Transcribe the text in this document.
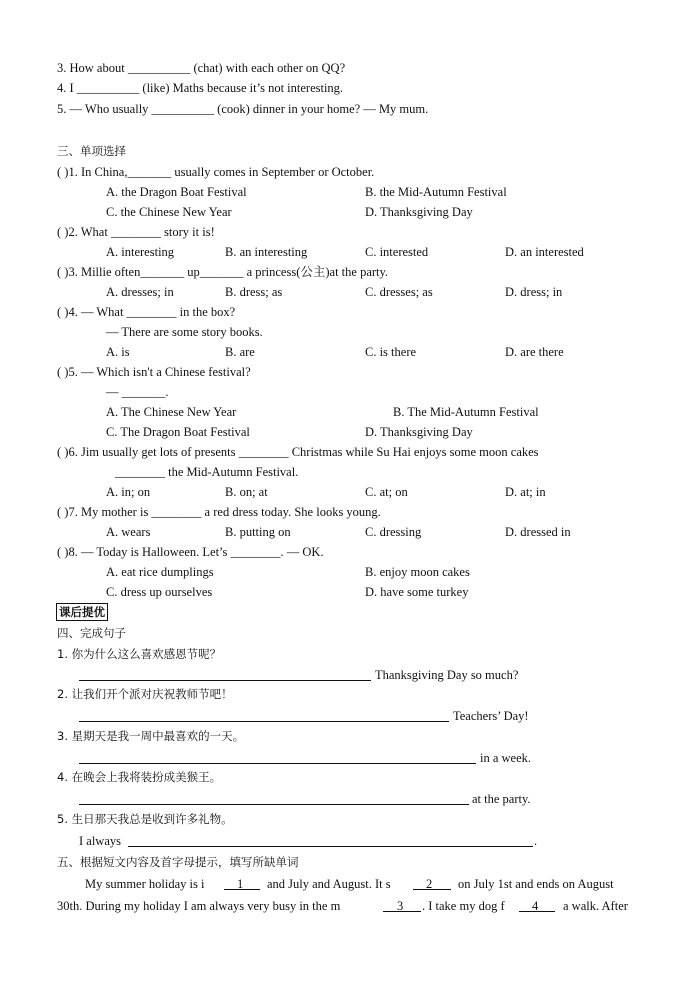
3. How about __________ (chat) with each other on QQ?
4. I __________ (like) Maths because it’s not interesting.
5. — Who usually __________ (cook) dinner in your home? — My mum.
三、单项选择
( )1. In China,_______ usually comes in September or October.
A. the Dragon Boat Festival	B. the Mid-Autumn Festival
C. the Chinese New Year	D. Thanksgiving Day
( )2. What ________ story it is!
A. interesting	B. an interesting	C. interested	D. an interested
( )3. Millie often_______ up_______ a princess(公主)at the party.
A. dresses; in	B. dress; as	C. dresses; as	D. dress; in
( )4. — What ________ in the box?
— There are some story books.
A. is	B. are	C. is there	D. are there
( )5. — Which isn't a Chinese festival?
— _______.
A. The Chinese New Year	B. The Mid-Autumn Festival
C. The Dragon Boat Festival	D. Thanksgiving Day
( )6. Jim usually get lots of presents ________ Christmas while Su Hai enjoys some moon cakes
________ the Mid-Autumn Festival.
A. in; on	B. on; at	C. at; on	D. at; in
( )7. My mother is ________ a red dress today. She looks young.
A. wears	B. putting on	C. dressing	D. dressed in
( )8. — Today is Halloween. Let’s ________. — OK.
A. eat rice dumplings	B. enjoy moon cakes
C. dress up ourselves	D. have some turkey
课后提优
四、完成句子
1. 你为什么这么喜欢感恩节呢？
Thanksgiving Day so much?
2. 让我们开个派对庆祝教师节吧！
Teachers’ Day!
3. 星期天是我一周中最喜欢的一天。
in a week.
4. 在晚会上我将装扮成美猴王。
at the party.
5. 生日那天我总是收到许多礼物。
I always	.
五、根据短文内容及首字母提示，填写所缺单词
My summer holiday is i	1 and July and August. It s	2 on July 1st and ends on August
30th. During my holiday I am always very busy in the m	3 . I take my dog f 4 a walk. After
